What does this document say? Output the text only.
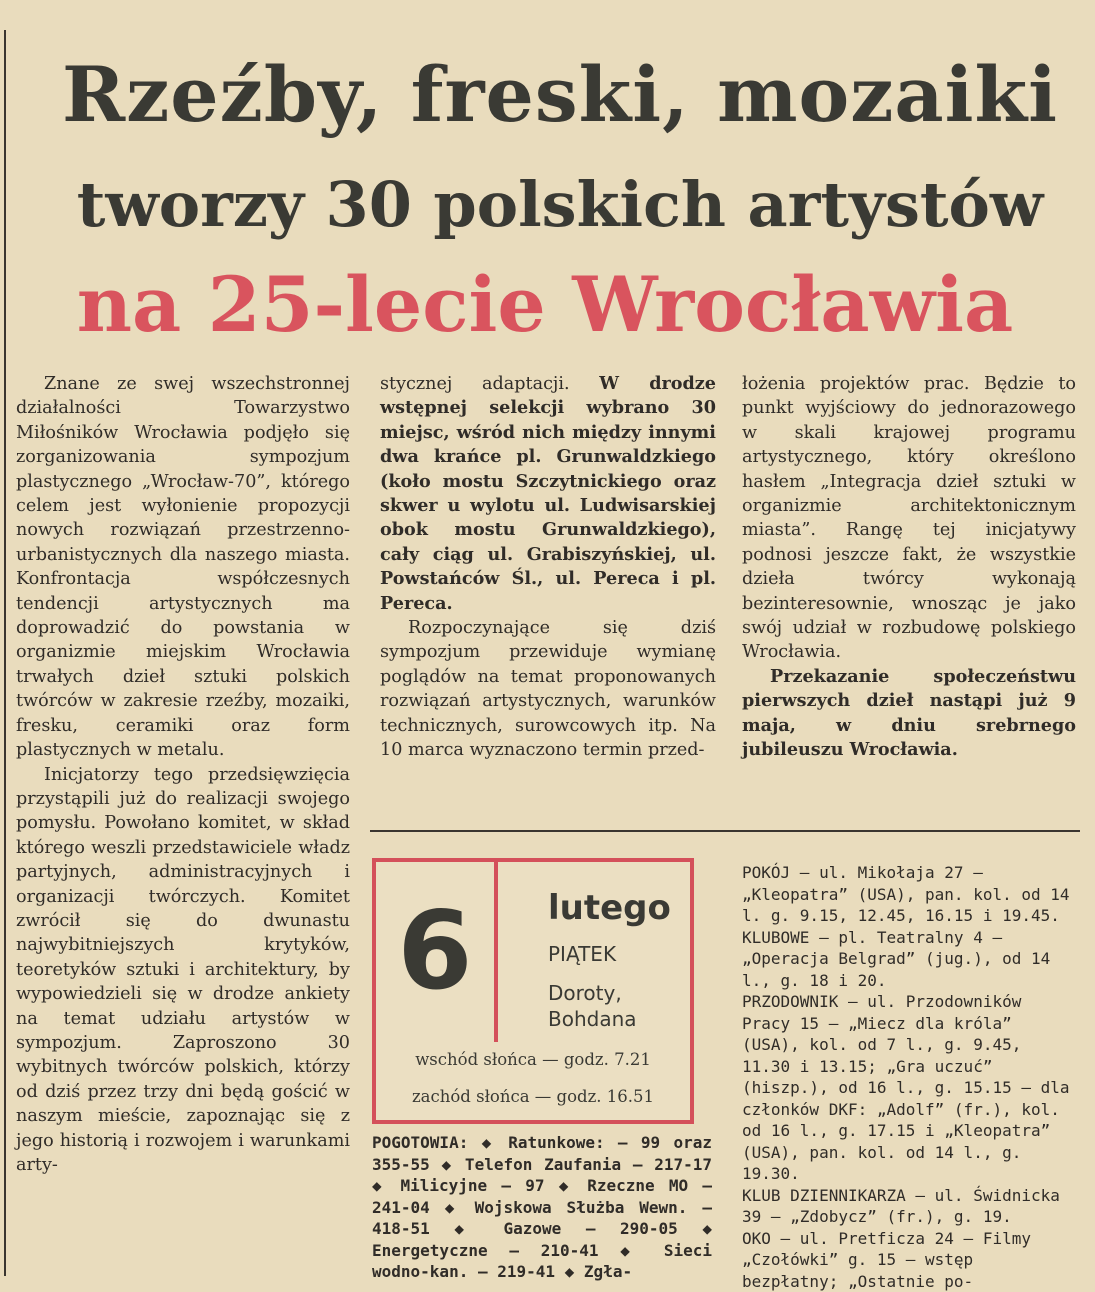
Rzeźby, freski, mozaiki
tworzy 30 polskich artystów
na 25-lecie Wrocławia

Znane ze swej wszechstronnej działalności Towarzystwo Miłośników Wrocławia podjęło się zorganizowania sympozjum plastycznego „Wrocław-70”, którego celem jest wyłonienie propozycji nowych rozwiązań przestrzenno-urbanistycznych dla naszego miasta. Konfrontacja współczesnych tendencji artystycznych ma doprowadzić do powstania w organizmie miejskim Wrocławia trwałych dzieł sztuki polskich twórców w zakresie rzeźby, mozaiki, fresku, ceramiki oraz form plastycznych w metalu.

Inicjatorzy tego przedsięwzięcia przystąpili już do realizacji swojego pomysłu. Powołano komitet, w skład którego weszli przedstawiciele władz partyjnych, administracyjnych i organizacji twórczych. Komitet zwrócił się do dwunastu najwybitniejszych krytyków, teoretyków sztuki i architektury, by wypowiedzieli się w drodze ankiety na temat udziału artystów w sympozjum. Zaproszono 30 wybitnych twórców polskich, którzy od dziś przez trzy dni będą gościć w naszym mieście, zapoznając się z jego historią i rozwojem i warunkami arty-

stycznej adaptacji. W drodze wstępnej selekcji wybrano 30 miejsc, wśród nich między innymi dwa krańce pl. Grunwaldzkiego (koło mostu Szczytnickiego oraz skwer u wylotu ul. Ludwisarskiej obok mostu Grunwaldzkiego), cały ciąg ul. Grabiszyńskiej, ul. Powstańców Śl., ul. Pereca i pl. Pereca.

Rozpoczynające się dziś sympozjum przewiduje wymianę poglądów na temat proponowanych rozwiązań artystycznych, warunków technicznych, surowcowych itp. Na 10 marca wyznaczono termin przed-

łożenia projektów prac. Będzie to punkt wyjściowy do jednorazowego w skali krajowej programu artystycznego, który określono hasłem „Integracja dzieł sztuki w organizmie architektonicznym miasta”. Rangę tej inicjatywy podnosi jeszcze fakt, że wszystkie dzieła twórcy wykonają bezinteresownie, wnosząc je jako swój udział w rozbudowę polskiego Wrocławia.

Przekazanie społeczeństwu pierwszych dzieł nastąpi już 9 maja, w dniu srebrnego jubileuszu Wrocławia.

6	lutego
PIĄTEK
Doroty, Bohdana
wschód słońca — godz. 7.21
zachód słońca — godz. 16.51

POGOTOWIA: ◆ Ratunkowe: — 99 oraz 355-55 ◆ Telefon Zaufania — 217-17 ◆ Milicyjne — 97 ◆ Rzeczne MO — 241-04 ◆ Wojskowa Służba Wewn. — 418-51 ◆ Gazowe — 290-05 ◆ Energetyczne — 210-41 ◆ Sieci wodno-kan. — 219-41 ◆ Zgła-

POKÓJ — ul. Mikołaja 27 — „Kleopatra” (USA), pan. kol. od 14 l. g. 9.15, 12.45, 16.15 i 19.45.

KLUBOWE — pl. Teatralny 4 — „Operacja Belgrad” (jug.), od 14 l., g. 18 i 20.

PRZODOWNIK — ul. Przodowników Pracy 15 — „Miecz dla króla” (USA), kol. od 7 l., g. 9.45, 11.30 i 13.15; „Gra uczuć” (hiszp.), od 16 l., g. 15.15 — dla członków DKF: „Adolf” (fr.), kol. od 16 l., g. 17.15 i „Kleopatra” (USA), pan. kol. od 14 l., g. 19.30.

KLUB DZIENNIKARZA — ul. Świdnicka 39 — „Zdobycz” (fr.), g. 19.

OKO — ul. Pretficza 24 — Filmy „Czołówki” g. 15 — wstęp bezpłatny; „Ostatnie po-
